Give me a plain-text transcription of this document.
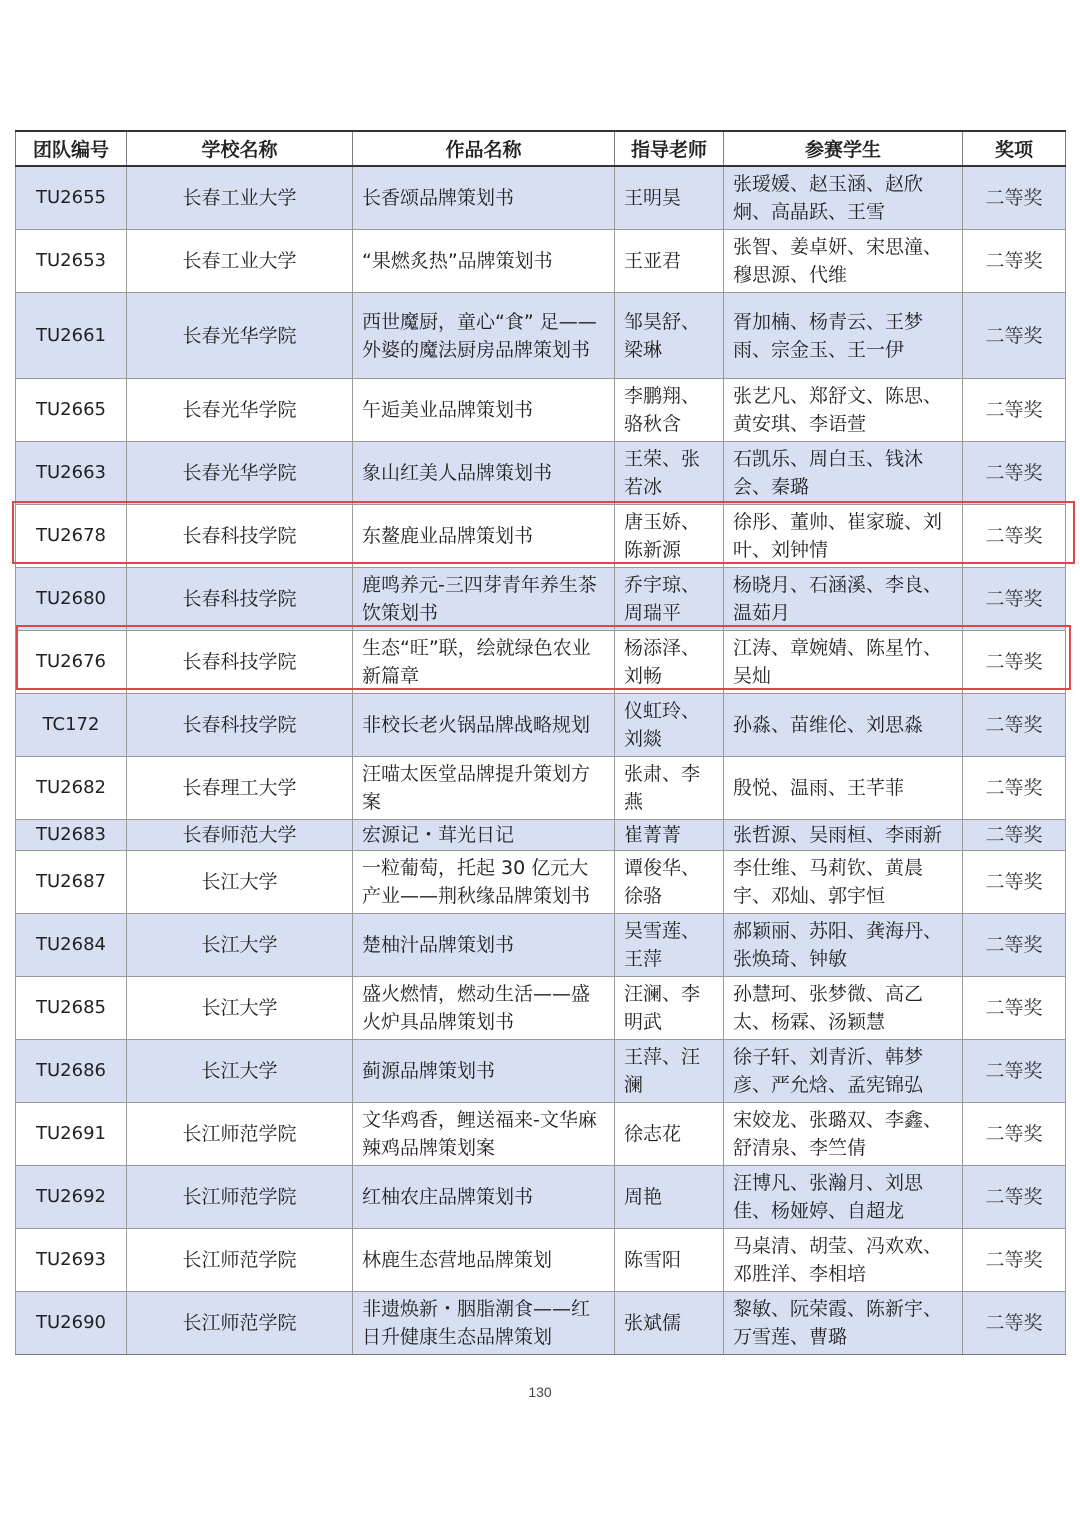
团队编号	学校名称	作品名称	指导老师	参赛学生	奖项
TU2655	长春工业大学	长香颂品牌策划书	王明昊	张瑷媛、赵玉涵、赵欣炯、高晶跃、王雪	二等奖
TU2653	长春工业大学	“果燃炙热”品牌策划书	王亚君	张智、姜卓妍、宋思潼、穆思源、代维	二等奖
TU2661	长春光华学院	西世魔厨，童心“食” 足——外婆的魔法厨房品牌策划书	邹昊舒、梁琳	胥加楠、杨青云、王梦雨、宗金玉、王一伊	二等奖
TU2665	长春光华学院	午逅美业品牌策划书	李鹏翔、骆秋含	张艺凡、郑舒文、陈思、黄安琪、李语萱	二等奖
TU2663	长春光华学院	象山红美人品牌策划书	王荣、张若冰	石凯乐、周白玉、钱沐会、秦璐	二等奖
TU2678	长春科技学院	东鳌鹿业品牌策划书	唐玉娇、陈新源	徐彤、董帅、崔家璇、刘叶、刘钟情	二等奖
TU2680	长春科技学院	鹿鸣养元-三四芽青年养生茶饮策划书	乔宇琼、周瑞平	杨晓月、石涵溪、李良、温茹月	二等奖
TU2676	长春科技学院	生态“旺”联，绘就绿色农业新篇章	杨添泽、刘畅	江涛、章婉婧、陈星竹、吴灿	二等奖
TC172	长春科技学院	非校长老火锅品牌战略规划	仪虹玲、刘燚	孙淼、苗维伦、刘思淼	二等奖
TU2682	长春理工大学	汪喵太医堂品牌提升策划方案	张肃、李燕	殷悦、温雨、王芊菲	二等奖
TU2683	长春师范大学	宏源记・茸光日记	崔菁菁	张哲源、吴雨桓、李雨新	二等奖
TU2687	长江大学	一粒葡萄，托起 30 亿元大产业——荆秋缘品牌策划书	谭俊华、徐骆	李仕维、马莉钦、黄晨宇、邓灿、郭宇恒	二等奖
TU2684	长江大学	楚柚汁品牌策划书	吴雪莲、王萍	郝颖丽、苏阳、龚海丹、张焕琦、钟敏	二等奖
TU2685	长江大学	盛火燃情，燃动生活——盛火炉具品牌策划书	汪澜、李明武	孙慧珂、张梦微、高乙太、杨霖、汤颖慧	二等奖
TU2686	长江大学	蓟源品牌策划书	王萍、汪澜	徐子轩、刘青沂、韩梦彦、严允焓、孟宪锦弘	二等奖
TU2691	长江师范学院	文华鸡香，鲤送福来-文华麻辣鸡品牌策划案	徐志花	宋姣龙、张璐双、李鑫、舒清泉、李竺倩	二等奖
TU2692	长江师范学院	红柚农庄品牌策划书	周艳	汪博凡、张瀚月、刘思佳、杨娅婷、自超龙	二等奖
TU2693	长江师范学院	林鹿生态营地品牌策划	陈雪阳	马桌清、胡莹、冯欢欢、邓胜洋、李相培	二等奖
TU2690	长江师范学院	非遗焕新・胭脂潮食——红日升健康生态品牌策划	张斌儒	黎敏、阮荣霞、陈新宇、万雪莲、曹璐	二等奖
130
